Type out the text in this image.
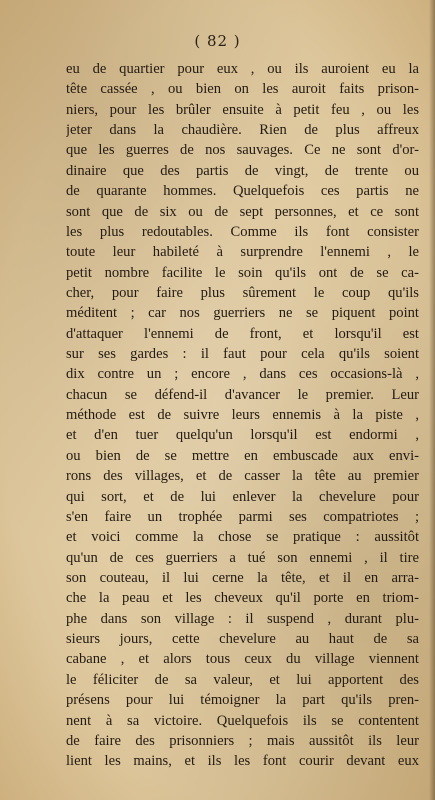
( 82 )

eu de quartier pour eux , ou ils auroient eu la
tête cassée , ou bien on les auroit faits prison-
niers, pour les brûler ensuite à petit feu , ou les
jeter dans la chaudière. Rien de plus affreux
que les guerres de nos sauvages. Ce ne sont d'or-
dinaire que des partis de vingt, de trente ou
de quarante hommes. Quelquefois ces partis ne
sont que de six ou de sept personnes, et ce sont
les plus redoutables. Comme ils font consister
toute leur habileté à surprendre l'ennemi , le
petit nombre facilite le soin qu'ils ont de se ca-
cher, pour faire plus sûrement le coup qu'ils
méditent ; car nos guerriers ne se piquent point
d'attaquer l'ennemi de front, et lorsqu'il est
sur ses gardes : il faut pour cela qu'ils soient
dix contre un ; encore , dans ces occasions-là ,
chacun se défend-il d'avancer le premier. Leur
méthode est de suivre leurs ennemis à la piste ,
et d'en tuer quelqu'un lorsqu'il est endormi ,
ou bien de se mettre en embuscade aux envi-
rons des villages, et de casser la tête au premier
qui sort, et de lui enlever la chevelure pour
s'en faire un trophée parmi ses compatriotes ;
et voici comme la chose se pratique : aussitôt
qu'un de ces guerriers a tué son ennemi , il tire
son couteau, il lui cerne la tête, et il en arra-
che la peau et les cheveux qu'il porte en triom-
phe dans son village : il suspend , durant plu-
sieurs jours, cette chevelure au haut de sa
cabane , et alors tous ceux du village viennent
le féliciter de sa valeur, et lui apportent des
présens pour lui témoigner la part qu'ils pren-
nent à sa victoire. Quelquefois ils se contentent
de faire des prisonniers ; mais aussitôt ils leur
lient les mains, et ils les font courir devant eux
